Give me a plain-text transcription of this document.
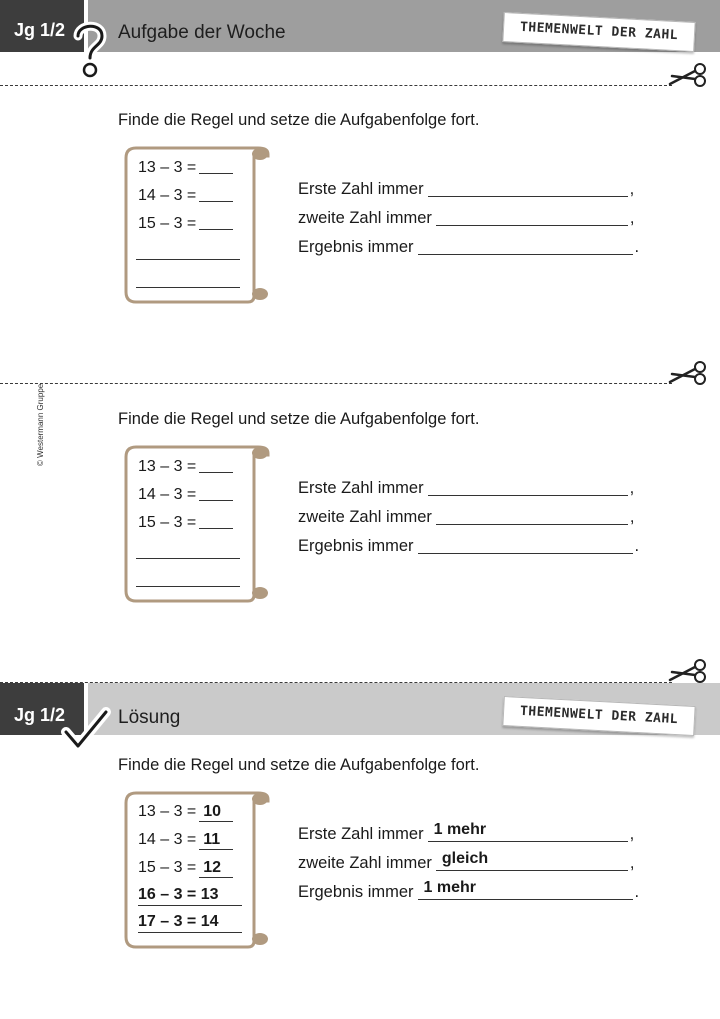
Jg 1/2	Aufgabe der Woche	THEMENWELT DER ZAHL
Finde die Regel und setze die Aufgabenfolge fort.
13 – 3 =
14 – 3 =
15 – 3 =
Erste Zahl immer	,
zweite Zahl immer	,
Ergebnis immer	.
© Westermann Gruppe	Finde die Regel und setze die Aufgabenfolge fort.
13 – 3 =
14 – 3 =
15 – 3 =
Erste Zahl immer	,
zweite Zahl immer	,
Ergebnis immer	.
Jg 1/2	Lösung	THEMENWELT DER ZAHL
Finde die Regel und setze die Aufgabenfolge fort.
13 – 3 = 10
14 – 3 = 11
15 – 3 = 12
16 – 3 = 13
17 – 3 = 14
Erste Zahl immer 1 mehr	,
zweite Zahl immer gleich	,
Ergebnis immer 1 mehr	.
